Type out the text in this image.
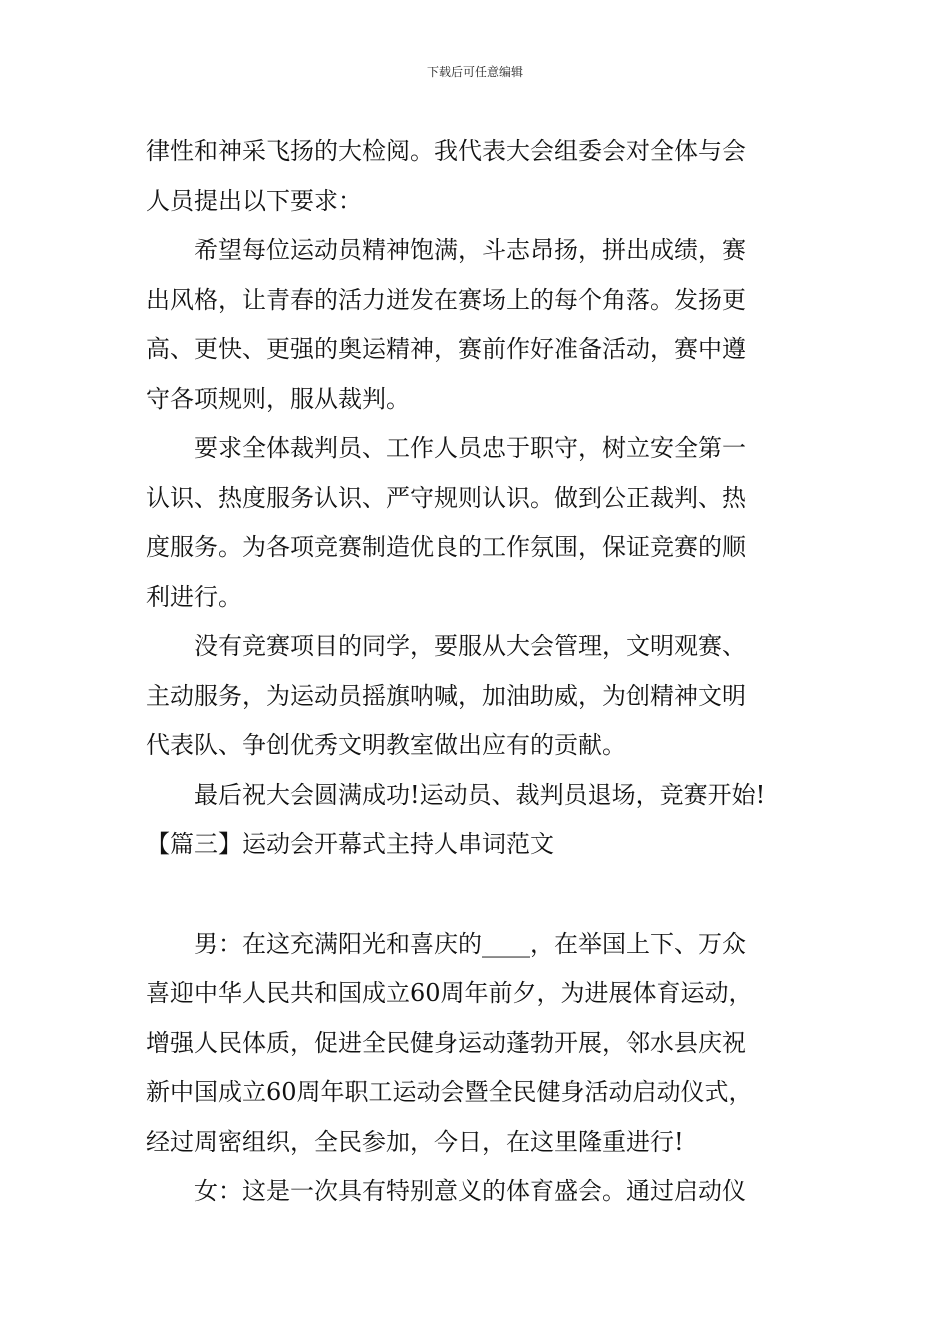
下载后可任意编辑
律性和神采飞扬的大检阅。我代表大会组委会对全体与会
人员提出以下要求：
　　希望每位运动员精神饱满，斗志昂扬，拼出成绩，赛
出风格，让青春的活力迸发在赛场上的每个角落。发扬更
高、更快、更强的奥运精神，赛前作好准备活动，赛中遵
守各项规则，服从裁判。
　　要求全体裁判员、工作人员忠于职守，树立安全第一
认识、热度服务认识、严守规则认识。做到公正裁判、热
度服务。为各项竞赛制造优良的工作氛围，保证竞赛的顺
利进行。
　　没有竞赛项目的同学，要服从大会管理，文明观赛、
主动服务，为运动员摇旗呐喊，加油助威，为创精神文明
代表队、争创优秀文明教室做出应有的贡献。
　　最后祝大会圆满成功!运动员、裁判员退场，竞赛开始!
【篇三】运动会开幕式主持人串词范文
　　男：在这充满阳光和喜庆的____，在举国上下、万众
喜迎中华人民共和国成立60周年前夕，为进展体育运动，
增强人民体质，促进全民健身运动蓬勃开展，邻水县庆祝
新中国成立60周年职工运动会暨全民健身活动启动仪式，
经过周密组织，全民参加，今日，在这里隆重进行!
　　女：这是一次具有特别意义的体育盛会。通过启动仪
